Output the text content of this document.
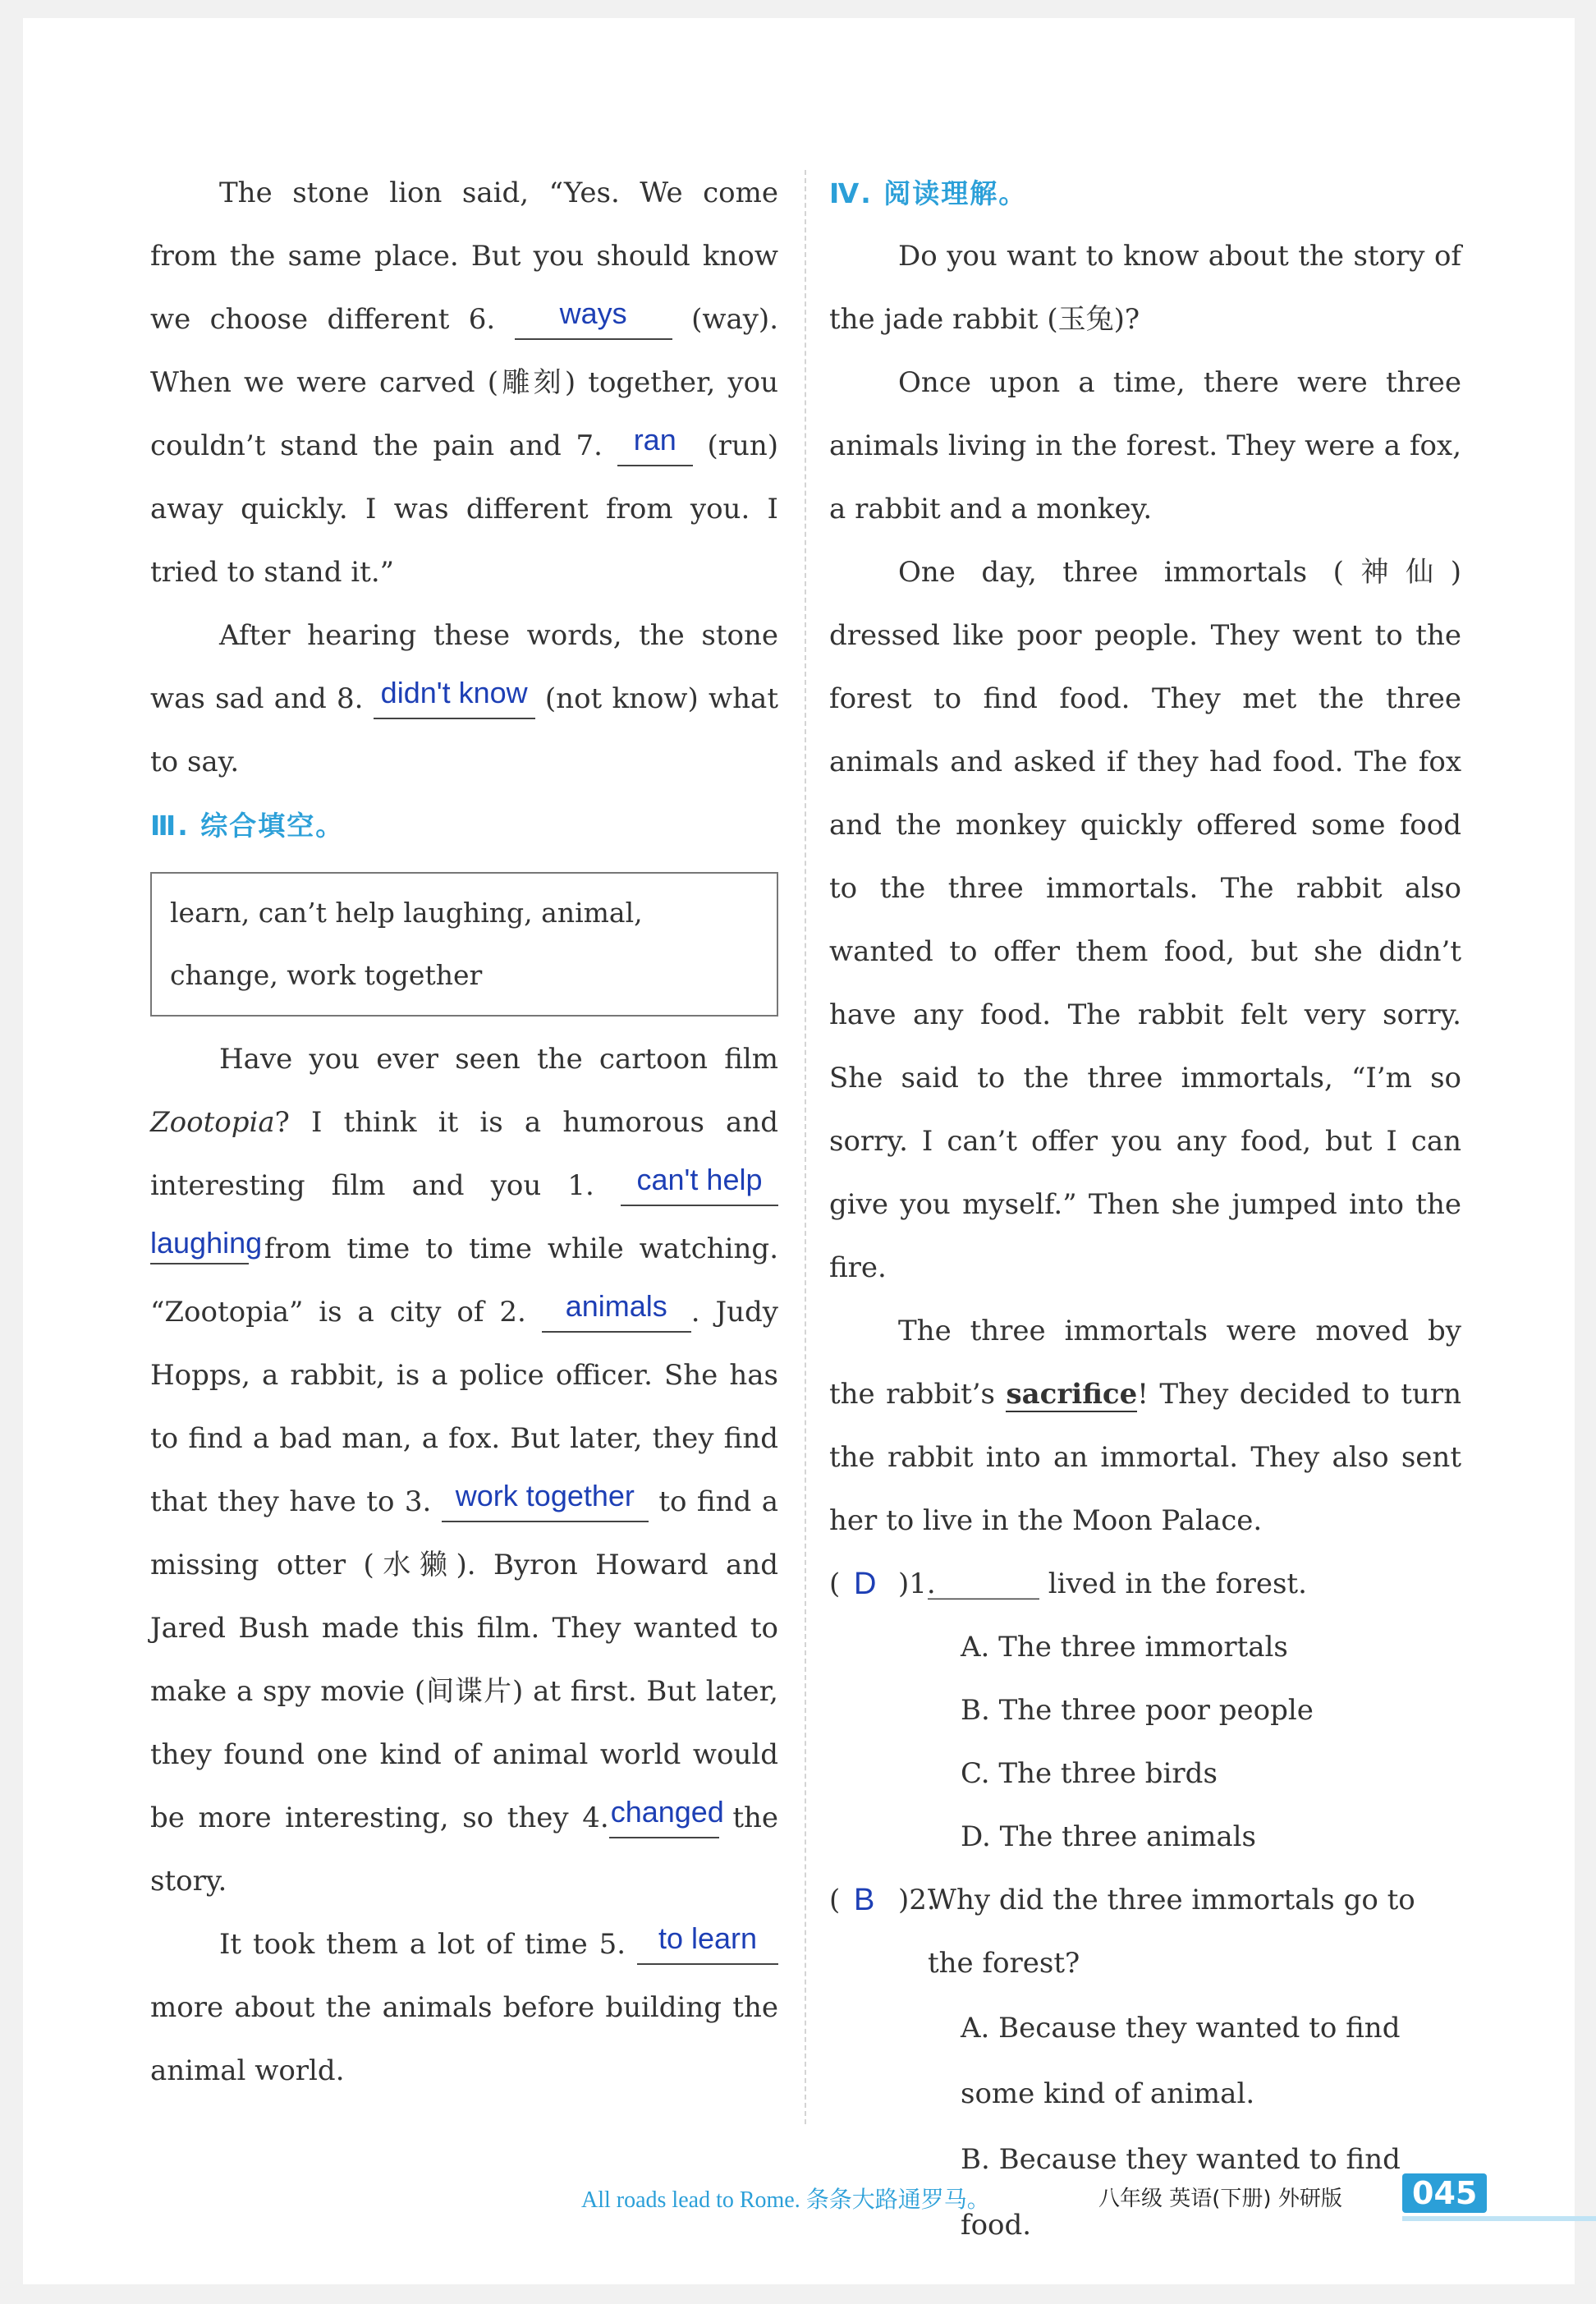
The stone lion said, “Yes. We come from the same place. But you should know we choose different 6. ways (way). When we were carved (雕刻) together, you couldn’t stand the pain and 7. ran (run) away quickly. I was different from you. I tried to stand it.”

After hearing these words, the stone was sad and 8. didn't know (not know) what to say.

Ⅲ. 综合填空。
learn, can’t help laughing, animal, change, work together

Have you ever seen the cartoon film Zootopia? I think it is a humorous and interesting film and you 1. can't help laughing from time to time while watching. “Zootopia” is a city of 2. animals . Judy Hopps, a rabbit, is a police officer. She has to find a bad man, a fox. But later, they find that they have to 3. work together to find a missing otter (水獭). Byron Howard and Jared Bush made this film. They wanted to make a spy movie (间谍片) at first. But later, they found one kind of animal world would be more interesting, so they 4.changed the story.

It took them a lot of time 5. to learn more about the animals before building the animal world.

Ⅳ. 阅读理解。

Do you want to know about the story of the jade rabbit (玉兔)?

Once upon a time, there were three animals living in the forest. They were a fox, a rabbit and a monkey.

One day, three immortals (神仙) dressed like poor people. They went to the forest to find food. They met the three animals and asked if they had food. The fox and the monkey quickly offered some food to the three immortals. The rabbit also wanted to offer them food, but she didn’t have any food. The rabbit felt very sorry. She said to the three immortals, “I’m so sorry. I can’t offer you any food, but I can give you myself.” Then she jumped into the fire.

The three immortals were moved by the rabbit’s sacrifice! They decided to turn the rabbit into an immortal. They also sent her to live in the Moon Palace.

( D )1.
________ lived in the forest.
A. The three immortals
B. The three poor people
C. The three birds
D. The three animals
( B )2.
Why did the three immortals go to the forest?
A. Because they wanted to find some kind of animal.
B. Because they wanted to find food.
All roads lead to Rome. 条条大路通罗马。	八年级 英语(下册) 外研版	045
